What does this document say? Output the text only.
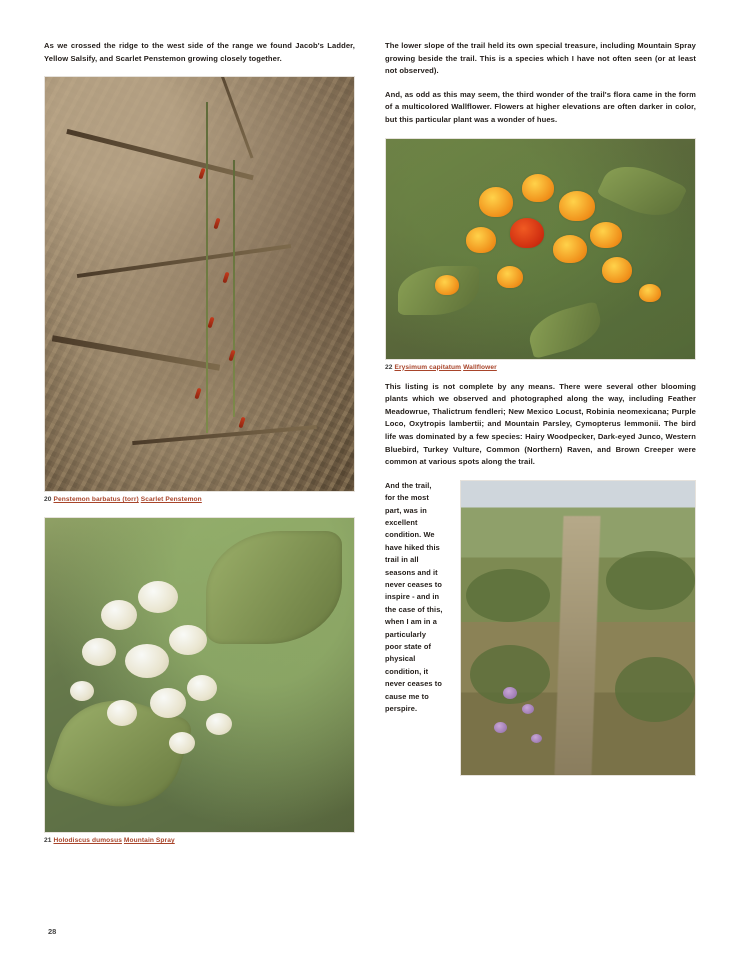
As we crossed the ridge to the west side of the range we found Jacob's Ladder, Yellow Salsify, and Scarlet Penstemon growing closely together.

20 Penstemon barbatus (torr) Scarlet Penstemon
21 Holodiscus dumosus Mountain Spray

The lower slope of the trail held its own special treasure, including Mountain Spray growing beside the trail. This is a species which I have not often seen (or at least not observed).

And, as odd as this may seem, the third wonder of the trail's flora came in the form of a multicolored Wallflower. Flowers at higher elevations are often darker in color, but this particular plant was a wonder of hues.

22 Erysimum capitatum Wallflower

This listing is not complete by any means. There were several other blooming plants which we observed and photographed along the way, including Feather Meadowrue, Thalictrum fendleri; New Mexico Locust, Robinia neomexicana; Purple Loco, Oxytropis lambertii; and Mountain Parsley, Cymopterus lemmonii. The bird life was dominated by a few species: Hairy Woodpecker, Dark-eyed Junco, Western Bluebird, Turkey Vulture, Common (Northern) Raven, and Brown Creeper were common at various spots along the trail.

And the trail, for the most part, was in excellent condition. We have hiked this trail in all seasons and it never ceases to inspire - and in the case of this, when I am in a particularly poor state of physical condition, it never ceases to cause me to perspire.

28
